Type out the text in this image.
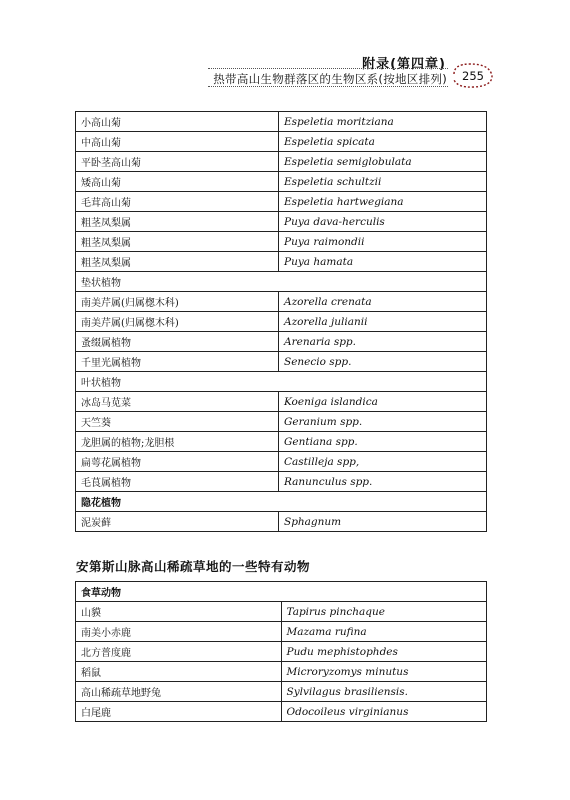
附录(第四章)
热带高山生物群落区的生物区系(按地区排列)	255
小高山菊	Espeletia moritziana
中高山菊	Espeletia spicata
平卧茎高山菊	Espeletia semiglobulata
矮高山菊	Espeletia schultzii
毛茸高山菊	Espeletia hartwegiana
粗茎凤梨属	Puya dava-herculis
粗茎凤梨属	Puya raimondii
粗茎凤梨属	Puya hamata
垫状植物	
南美芹属(归属楤木科)	Azorella crenata
南美芹属(归属楤木科)	Azorella julianii
蚤缀属植物	Arenaria spp.
千里光属植物	Senecio spp.
叶状植物	
冰岛马苋菜	Koeniga islandica
天竺葵	Geranium spp.
龙胆属的植物;龙胆根	Gentiana spp.
扁萼花属植物	Castilleja spp,
毛茛属植物	Ranunculus spp.
隐花植物	
泥炭藓	Sphagnum
安第斯山脉高山稀疏草地的一些特有动物
食草动物	
山貘	Tapirus pinchaque
南美小赤鹿	Mazama rufina
北方普度鹿	Pudu mephistophdes
稻鼠	Microryzomys minutus
高山稀疏草地野兔	Sylvilagus brasiliensis.
白尾鹿	Odocoileus virginianus
